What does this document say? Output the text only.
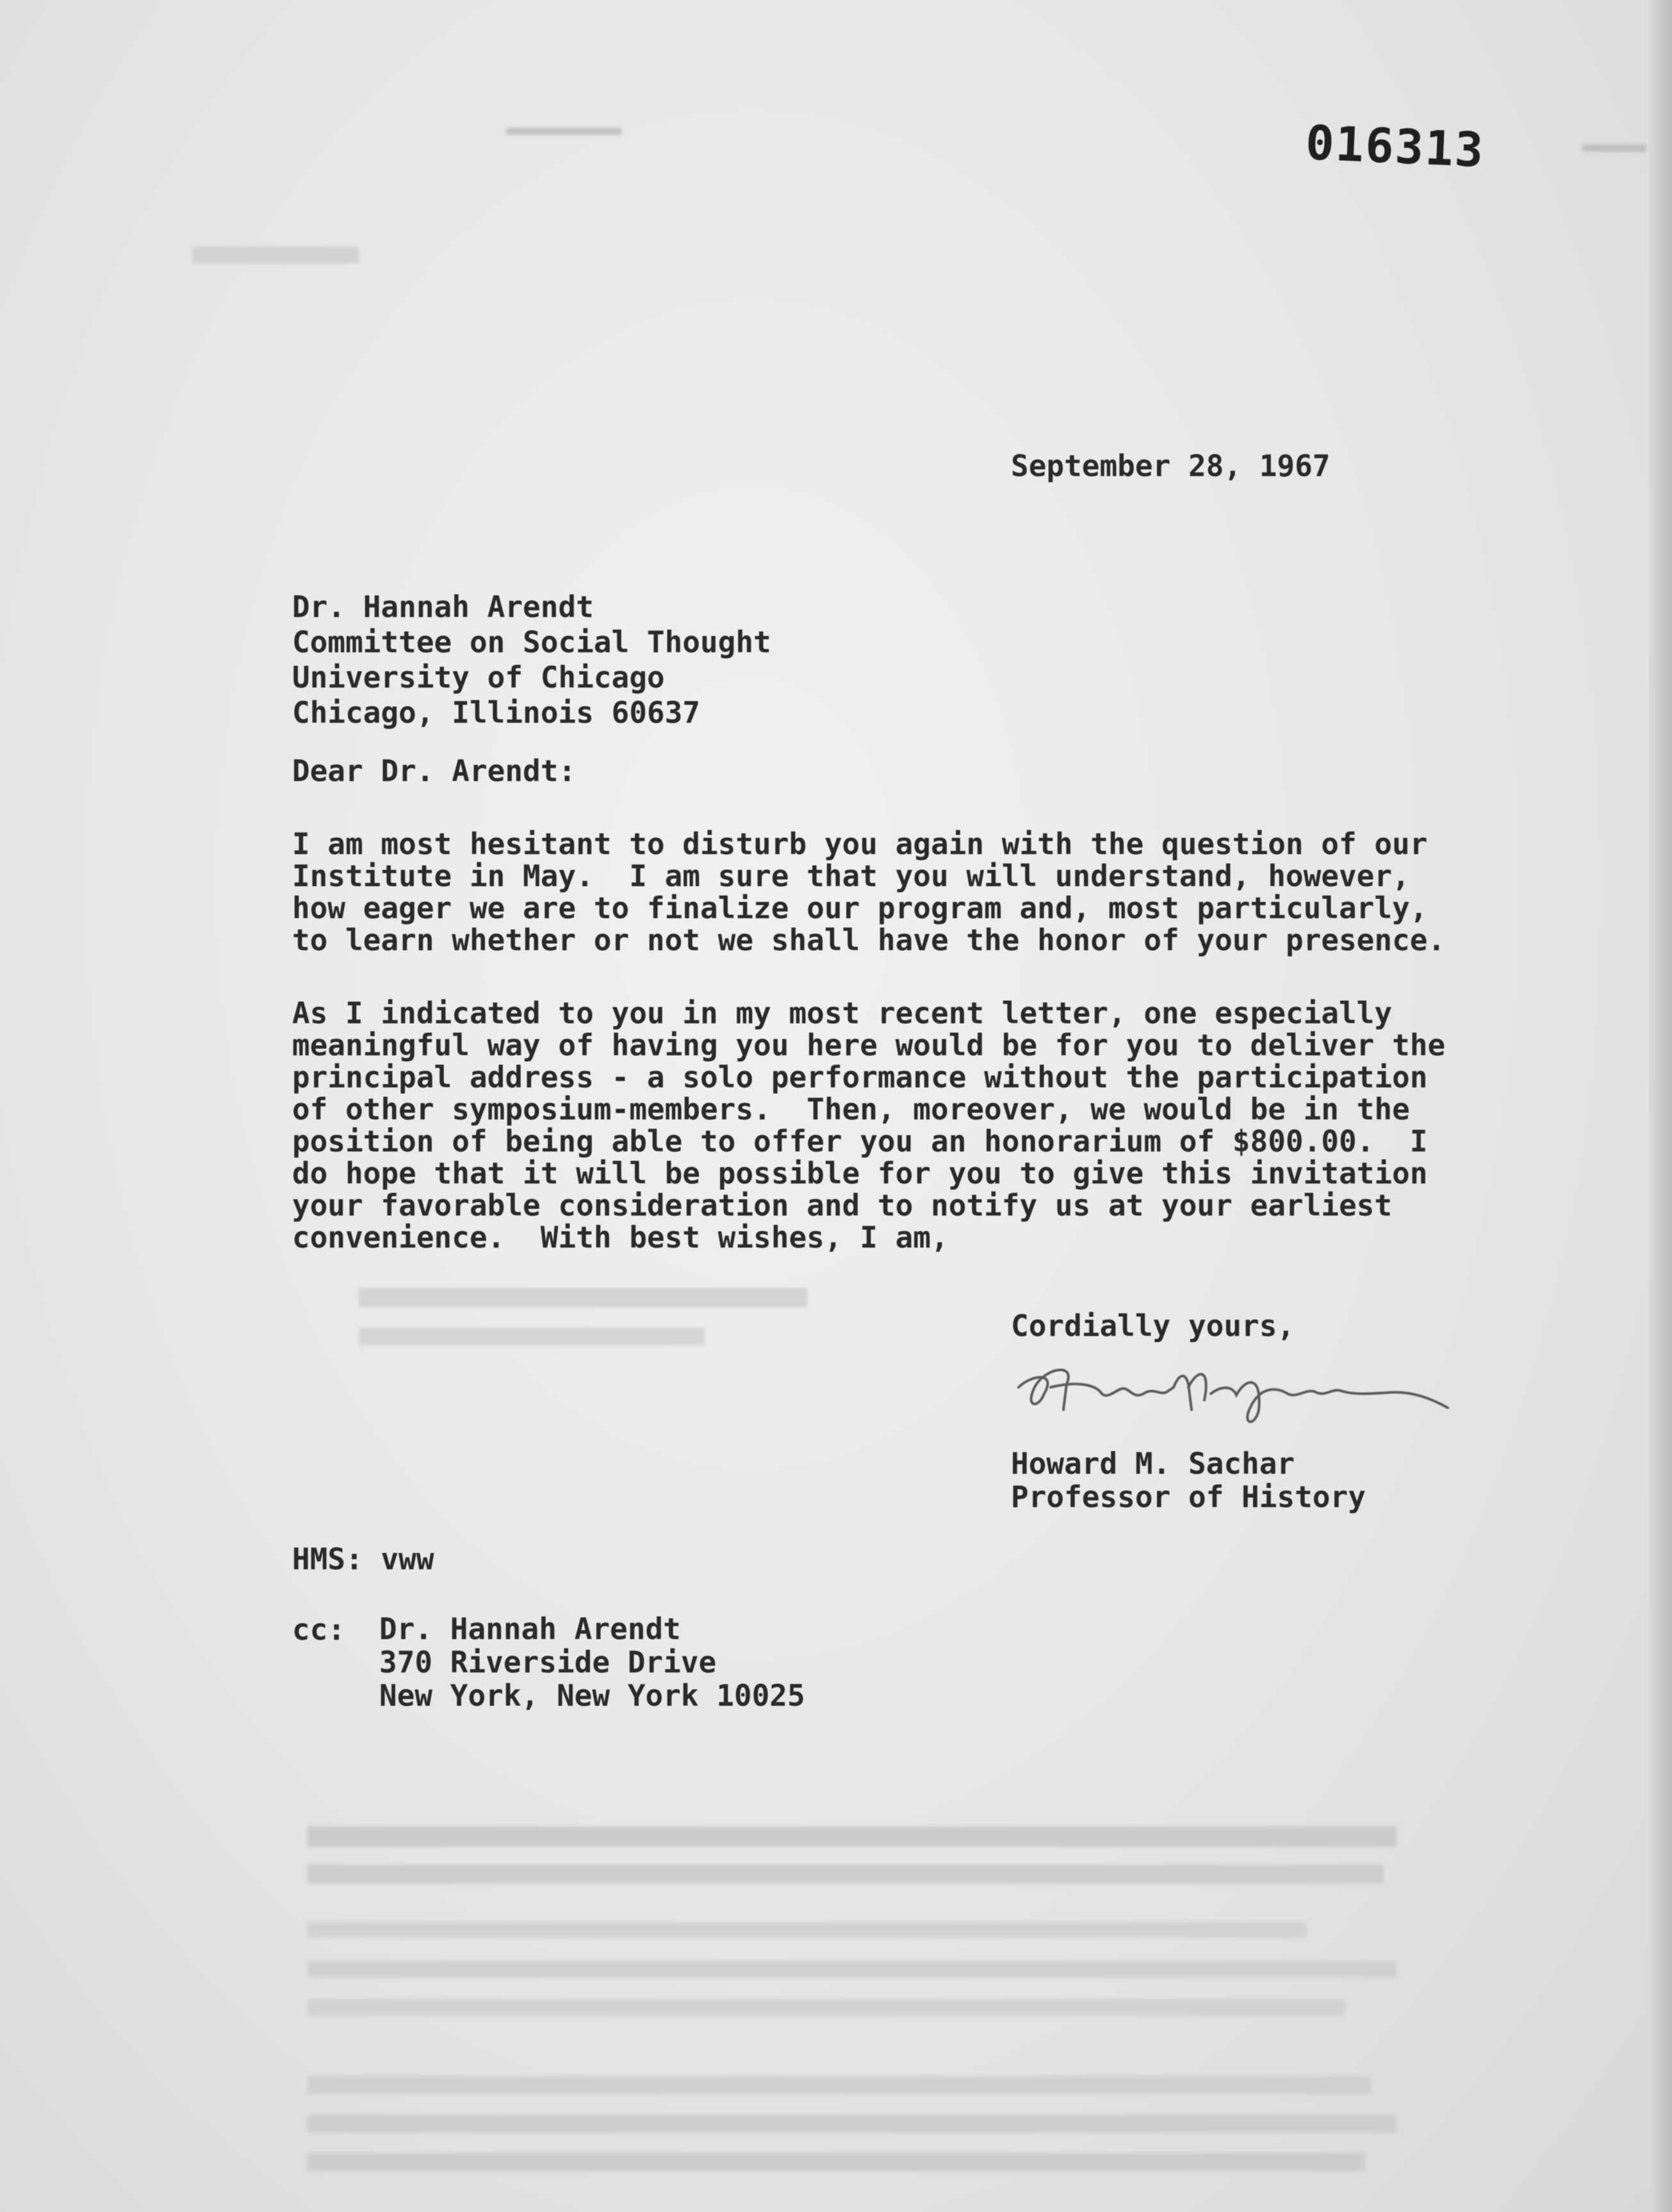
016313
September 28, 1967
Dr. Hannah Arendt
Committee on Social Thought
University of Chicago
Chicago, Illinois 60637
Dear Dr. Arendt:
I am most hesitant to disturb you again with the question of our
Institute in May.  I am sure that you will understand, however,
how eager we are to finalize our program and, most particularly,
to learn whether or not we shall have the honor of your presence.
As I indicated to you in my most recent letter, one especially
meaningful way of having you here would be for you to deliver the
principal address - a solo performance without the participation
of other symposium-members.  Then, moreover, we would be in the
position of being able to offer you an honorarium of $800.00.  I
do hope that it will be possible for you to give this invitation
your favorable consideration and to notify us at your earliest
convenience.  With best wishes, I am,
Cordially yours,
Howard M. Sachar
Professor of History
HMS: vww
cc: Dr. Hannah Arendt
370 Riverside Drive
New York, New York 10025
